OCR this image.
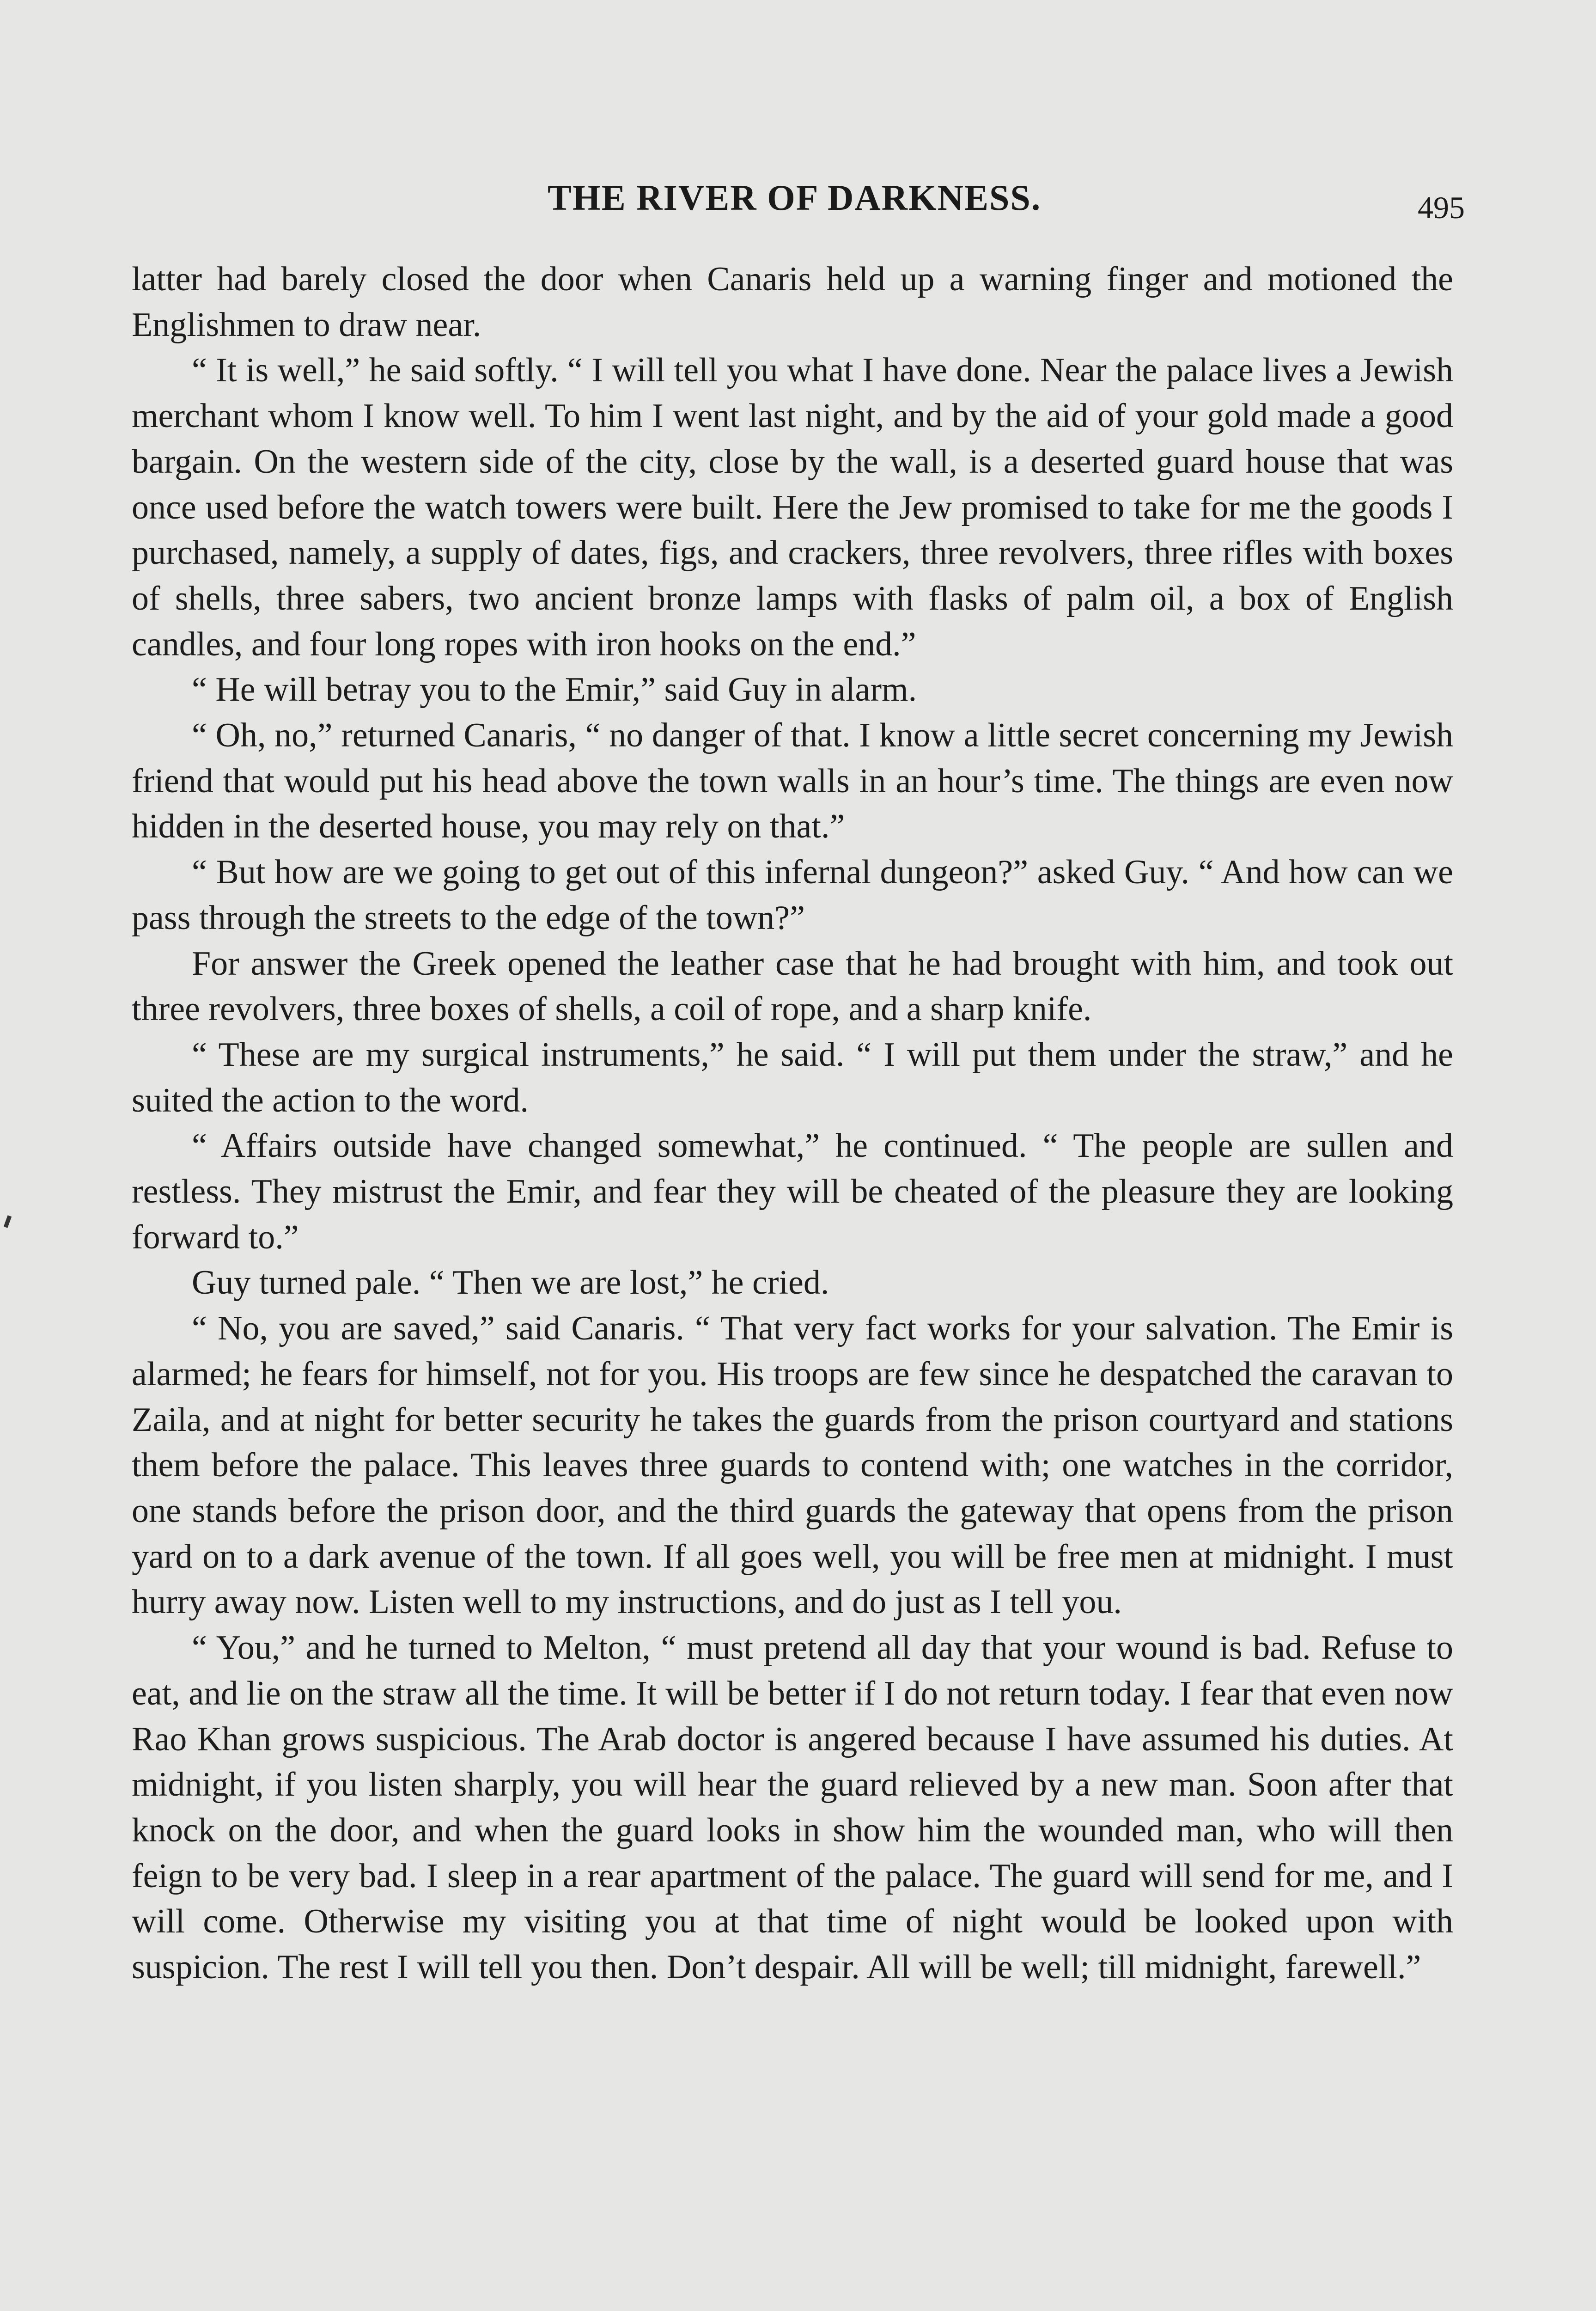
THE RIVER OF DARKNESS.	495

latter had barely closed the door when Canaris held up a warning finger and motioned the Englishmen to draw near.

“ It is well,” he said softly. “ I will tell you what I have done. Near the palace lives a Jewish merchant whom I know well. To him I went last night, and by the aid of your gold made a good bargain. On the western side of the city, close by the wall, is a deserted guard house that was once used before the watch towers were built. Here the Jew promised to take for me the goods I purchased, namely, a supply of dates, figs, and crackers, three revolvers, three rifles with boxes of shells, three sabers, two ancient bronze lamps with flasks of palm oil, a box of English candles, and four long ropes with iron hooks on the end.”

“ He will betray you to the Emir,” said Guy in alarm.

“ Oh, no,” returned Canaris, “ no danger of that. I know a little secret concerning my Jewish friend that would put his head above the town walls in an hour’s time. The things are even now hidden in the deserted house, you may rely on that.”

“ But how are we going to get out of this infernal dungeon?” asked Guy. “ And how can we pass through the streets to the edge of the town?”

For answer the Greek opened the leather case that he had brought with him, and took out three revolvers, three boxes of shells, a coil of rope, and a sharp knife.

“ These are my surgical instruments,” he said. “ I will put them under the straw,” and he suited the action to the word.

“ Affairs outside have changed somewhat,” he continued. “ The people are sullen and restless. They mistrust the Emir, and fear they will be cheated of the pleasure they are looking forward to.”

Guy turned pale. “ Then we are lost,” he cried.

“ No, you are saved,” said Canaris. “ That very fact works for your salvation. The Emir is alarmed; he fears for himself, not for you. His troops are few since he despatched the caravan to Zaila, and at night for better security he takes the guards from the prison courtyard and stations them before the palace. This leaves three guards to contend with; one watches in the corridor, one stands before the prison door, and the third guards the gateway that opens from the prison yard on to a dark avenue of the town. If all goes well, you will be free men at midnight. I must hurry away now. Listen well to my instructions, and do just as I tell you.

“ You,” and he turned to Melton, “ must pretend all day that your wound is bad. Refuse to eat, and lie on the straw all the time. It will be better if I do not return today. I fear that even now Rao Khan grows suspicious. The Arab doctor is angered because I have assumed his duties. At midnight, if you listen sharply, you will hear the guard relieved by a new man. Soon after that knock on the door, and when the guard looks in show him the wounded man, who will then feign to be very bad. I sleep in a rear apartment of the palace. The guard will send for me, and I will come. Otherwise my visiting you at that time of night would be looked upon with suspicion. The rest I will tell you then. Don’t despair. All will be well; till midnight, farewell.”
